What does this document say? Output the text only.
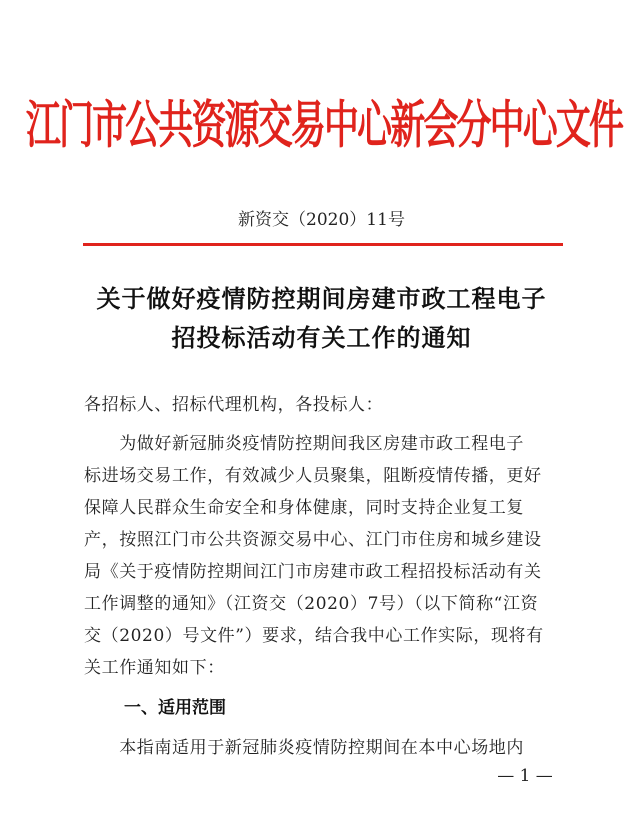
江门市公共资源交易中心新会分中心文件
新资交（2020）11号
关于做好疫情防控期间房建市政工程电子
招投标活动有关工作的通知
各招标人、招标代理机构，各投标人：
　　为做好新冠肺炎疫情防控期间我区房建市政工程电子
标进场交易工作，有效减少人员聚集，阻断疫情传播，更好
保障人民群众生命安全和身体健康，同时支持企业复工复
产，按照江门市公共资源交易中心、江门市住房和城乡建设
局《关于疫情防控期间江门市房建市政工程招投标活动有关
工作调整的通知》（江资交（2020）7号）（以下简称“江资
交（2020）号文件”）要求，结合我中心工作实际，现将有
关工作通知如下：
一、适用范围
　　本指南适用于新冠肺炎疫情防控期间在本中心场地内
— 1 —
